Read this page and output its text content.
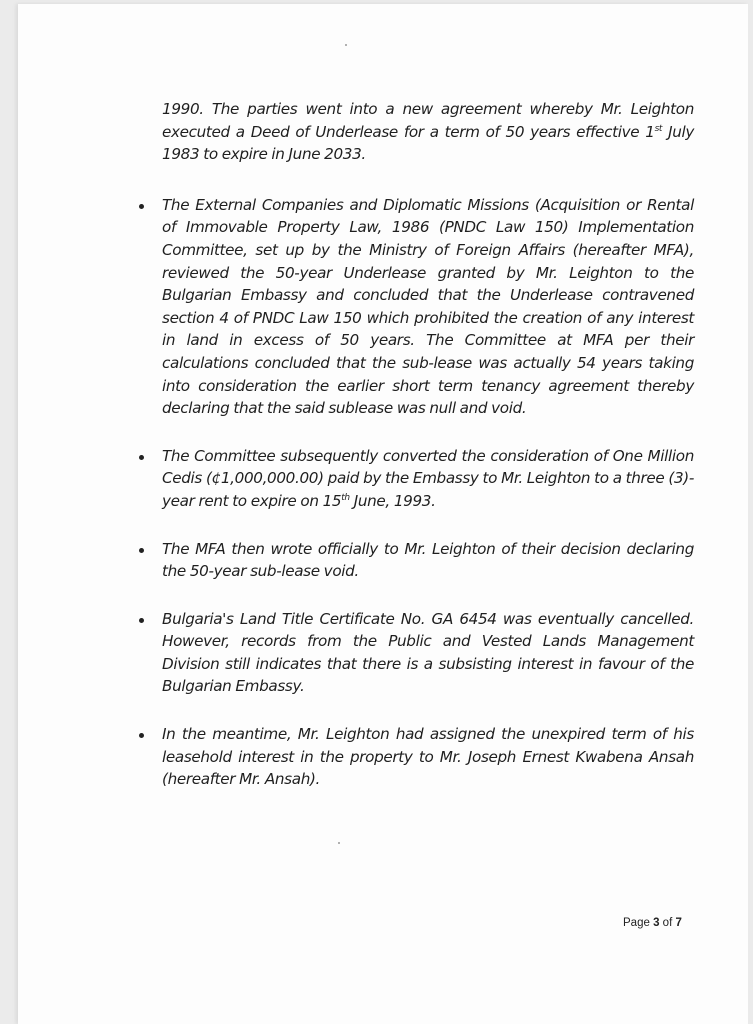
1990. The parties went into a new agreement whereby Mr. Leighton executed a Deed of Underlease for a term of 50 years effective 1st July 1983 to expire in June 2033.

The External Companies and Diplomatic Missions (Acquisition or Rental of Immovable Property Law, 1986 (PNDC Law 150) Implementation Committee, set up by the Ministry of Foreign Affairs (hereafter MFA), reviewed the 50-year Underlease granted by Mr. Leighton to the Bulgarian Embassy and concluded that the Underlease contravened section 4 of PNDC Law 150 which prohibited the creation of any interest in land in excess of 50 years. The Committee at MFA per their calculations concluded that the sub-lease was actually 54 years taking into consideration the earlier short term tenancy agreement thereby declaring that the said sublease was null and void.
The Committee subsequently converted the consideration of One Million Cedis (¢1,000,000.00) paid by the Embassy to Mr. Leighton to a three (3)-year rent to expire on 15th June, 1993.
The MFA then wrote officially to Mr. Leighton of their decision declaring the 50-year sub-lease void.
Bulgaria's Land Title Certificate No. GA 6454 was eventually cancelled. However, records from the Public and Vested Lands Management Division still indicates that there is a subsisting interest in favour of the Bulgarian Embassy.
In the meantime, Mr. Leighton had assigned the unexpired term of his leasehold interest in the property to Mr. Joseph Ernest Kwabena Ansah (hereafter Mr. Ansah).
Page 3 of 7
